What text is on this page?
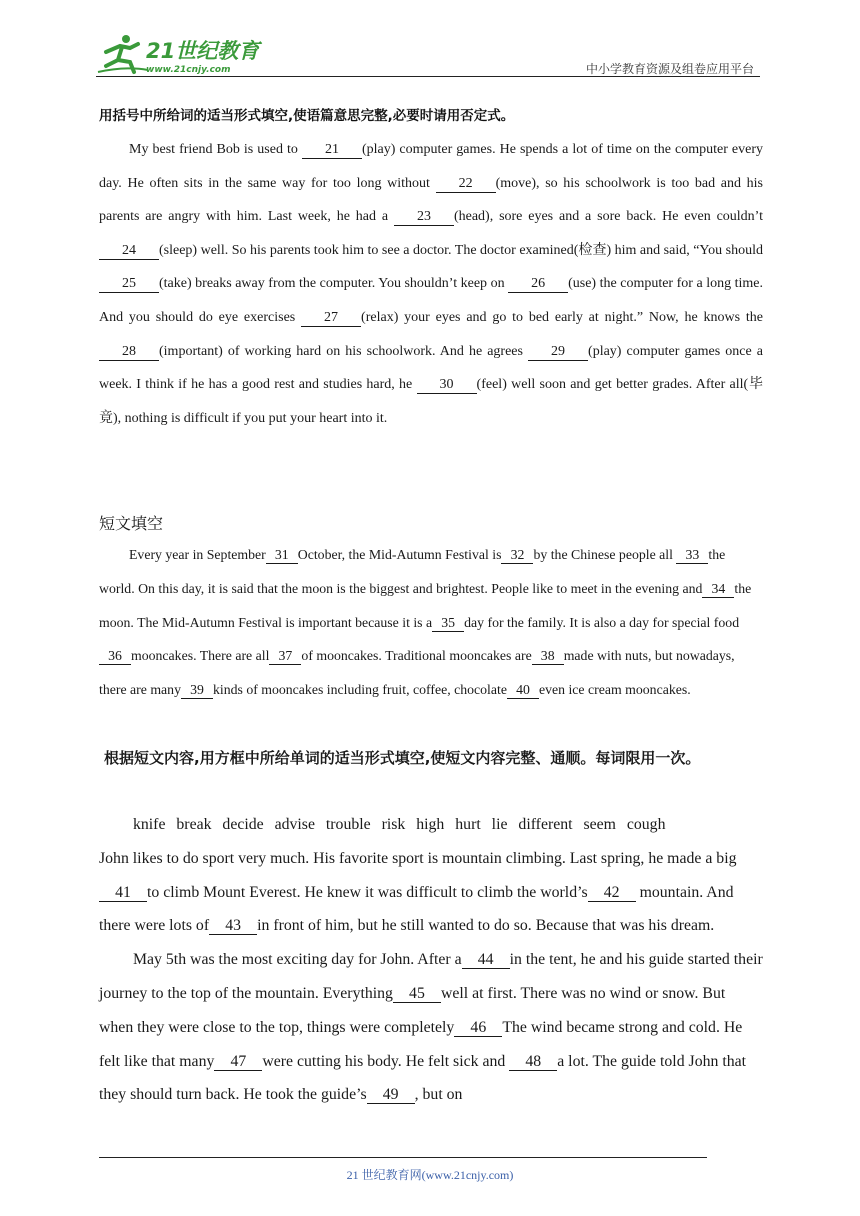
21世纪教育
www.21cnjy.com	中小学教育资源及组卷应用平台
用括号中所给词的适当形式填空,使语篇意思完整,必要时请用否定式。

My best friend Bob is used to 21 (play) computer games. He spends a lot of time on the computer every day. He often sits in the same way for too long without 22 (move), so his schoolwork is too bad and his parents are angry with him. Last week, he had a 23 (head), sore eyes and a sore back. He even couldn’t 24 (sleep) well. So his parents took him to see a doctor. The doctor examined(检查) him and said, “You should 25 (take) breaks away from the computer. You shouldn’t keep on 26 (use) the computer for a long time. And you should do eye exercises 27 (relax) your eyes and go to bed early at night.” Now, he knows the 28 (important) of working hard on his schoolwork. And he agrees 29 (play) computer games once a week. I think if he has a good rest and studies hard, he 30 (feel) well soon and get better grades. After all(毕竟), nothing is difficult if you put your heart into it.

短文填空

Every year in September 31 October, the Mid-Autumn Festival is 32 by the Chinese people all 33 the world. On this day, it is said that the moon is the biggest and brightest. People like to meet in the evening and 34 the moon. The Mid-Autumn Festival is important because it is a 35 day for the family. It is also a day for special food36 mooncakes. There are all 37 of mooncakes. Traditional mooncakes are 38 made with nuts, but nowadays, there are many 39 kinds of mooncakes including fruit, coffee, chocolate 40 even ice cream mooncakes.

根据短文内容,用方框中所给单词的适当形式填空,使短文内容完整、通顺。每词限用一次。

knife break decide advise trouble risk high hurt lie different seem cough

John likes to do sport very much. His favorite sport is mountain climbing. Last spring, he made a big41 to climb Mount Everest. He knew it was difficult to climb the world’s 42 mountain. And there were lots of 43 in front of him, but he still wanted to do so. Because that was his dream.

May 5th was the most exciting day for John. After a 44 in the tent, he and his guide started their journey to the top of the mountain. Everything 45 well at first. There was no wind or snow. But when they were close to the top, things were completely 46 The wind became strong and cold. He felt like that many 47 were cutting his body. He felt sick and 48 a lot. The guide told John that they should turn back. He took the guide’s 49 , but on

21 世纪教育网(www.21cnjy.com)
